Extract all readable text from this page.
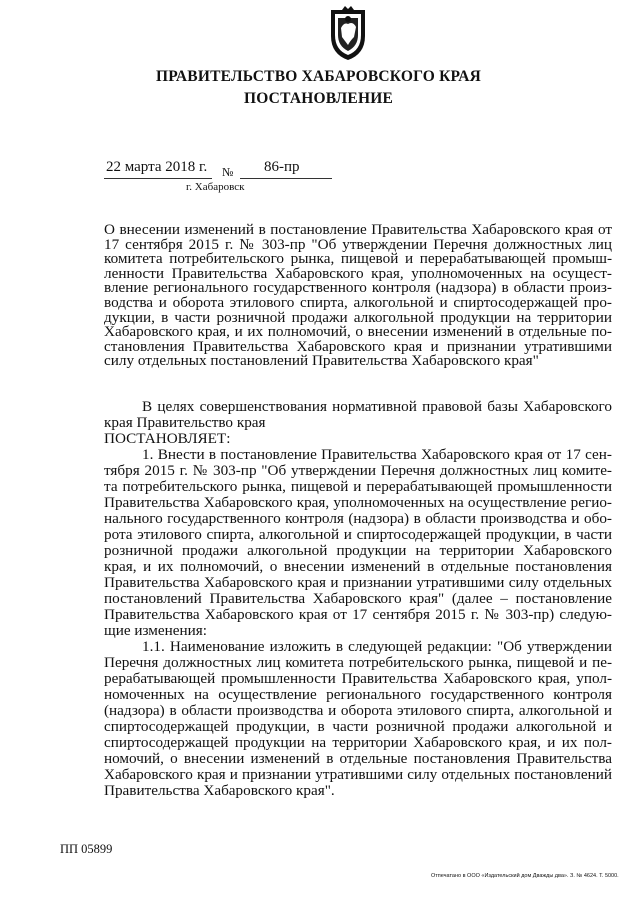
ПРАВИТЕЛЬСТВО ХАБАРОВСКОГО КРАЯ
ПОСТАНОВЛЕНИЕ
22 марта 2018 г. № 86-пр
г. Хабаровск
О внесении изменений в постановление Правительства Хабаровского края от
17 сентября 2015 г. № 303-пр "Об утверждении Перечня должностных лиц
комитета потребительского рынка, пищевой и перерабатывающей промыш-
ленности Правительства Хабаровского края, уполномоченных на осущест-
вление регионального государственного контроля (надзора) в области произ-
водства и оборота этилового спирта, алкогольной и спиртосодержащей про-
дукции, в части розничной продажи алкогольной продукции на территории
Хабаровского края, и их полномочий, о внесении изменений в отдельные по-
становления Правительства Хабаровского края и признании утратившими
силу отдельных постановлений Правительства Хабаровского края"
В целях совершенствования нормативной правовой базы Хабаровского
края Правительство края
ПОСТАНОВЛЯЕТ:
1. Внести в постановление Правительства Хабаровского края от 17 сен-
тября 2015 г. № 303-пр "Об утверждении Перечня должностных лиц комите-
та потребительского рынка, пищевой и перерабатывающей промышленности
Правительства Хабаровского края, уполномоченных на осуществление регио-
нального государственного контроля (надзора) в области производства и обо-
рота этилового спирта, алкогольной и спиртосодержащей продукции, в части
розничной продажи алкогольной продукции на территории Хабаровского
края, и их полномочий, о внесении изменений в отдельные постановления
Правительства Хабаровского края и признании утратившими силу отдельных
постановлений Правительства Хабаровского края" (далее – постановление
Правительства Хабаровского края от 17 сентября 2015 г. № 303-пр) следую-
щие изменения:
1.1. Наименование изложить в следующей редакции: "Об утверждении
Перечня должностных лиц комитета потребительского рынка, пищевой и пе-
рерабатывающей промышленности Правительства Хабаровского края, упол-
номоченных на осуществление регионального государственного контроля
(надзора) в области производства и оборота этилового спирта, алкогольной и
спиртосодержащей продукции, в части розничной продажи алкогольной и
спиртосодержащей продукции на территории Хабаровского края, и их пол-
номочий, о внесении изменений в отдельные постановления Правительства
Хабаровского края и признании утратившими силу отдельных постановлений
Правительства Хабаровского края".
ПП 05899
Отпечатано в ООО «Издательский дом Дважды два». З. № 4624. Т. 5000.
